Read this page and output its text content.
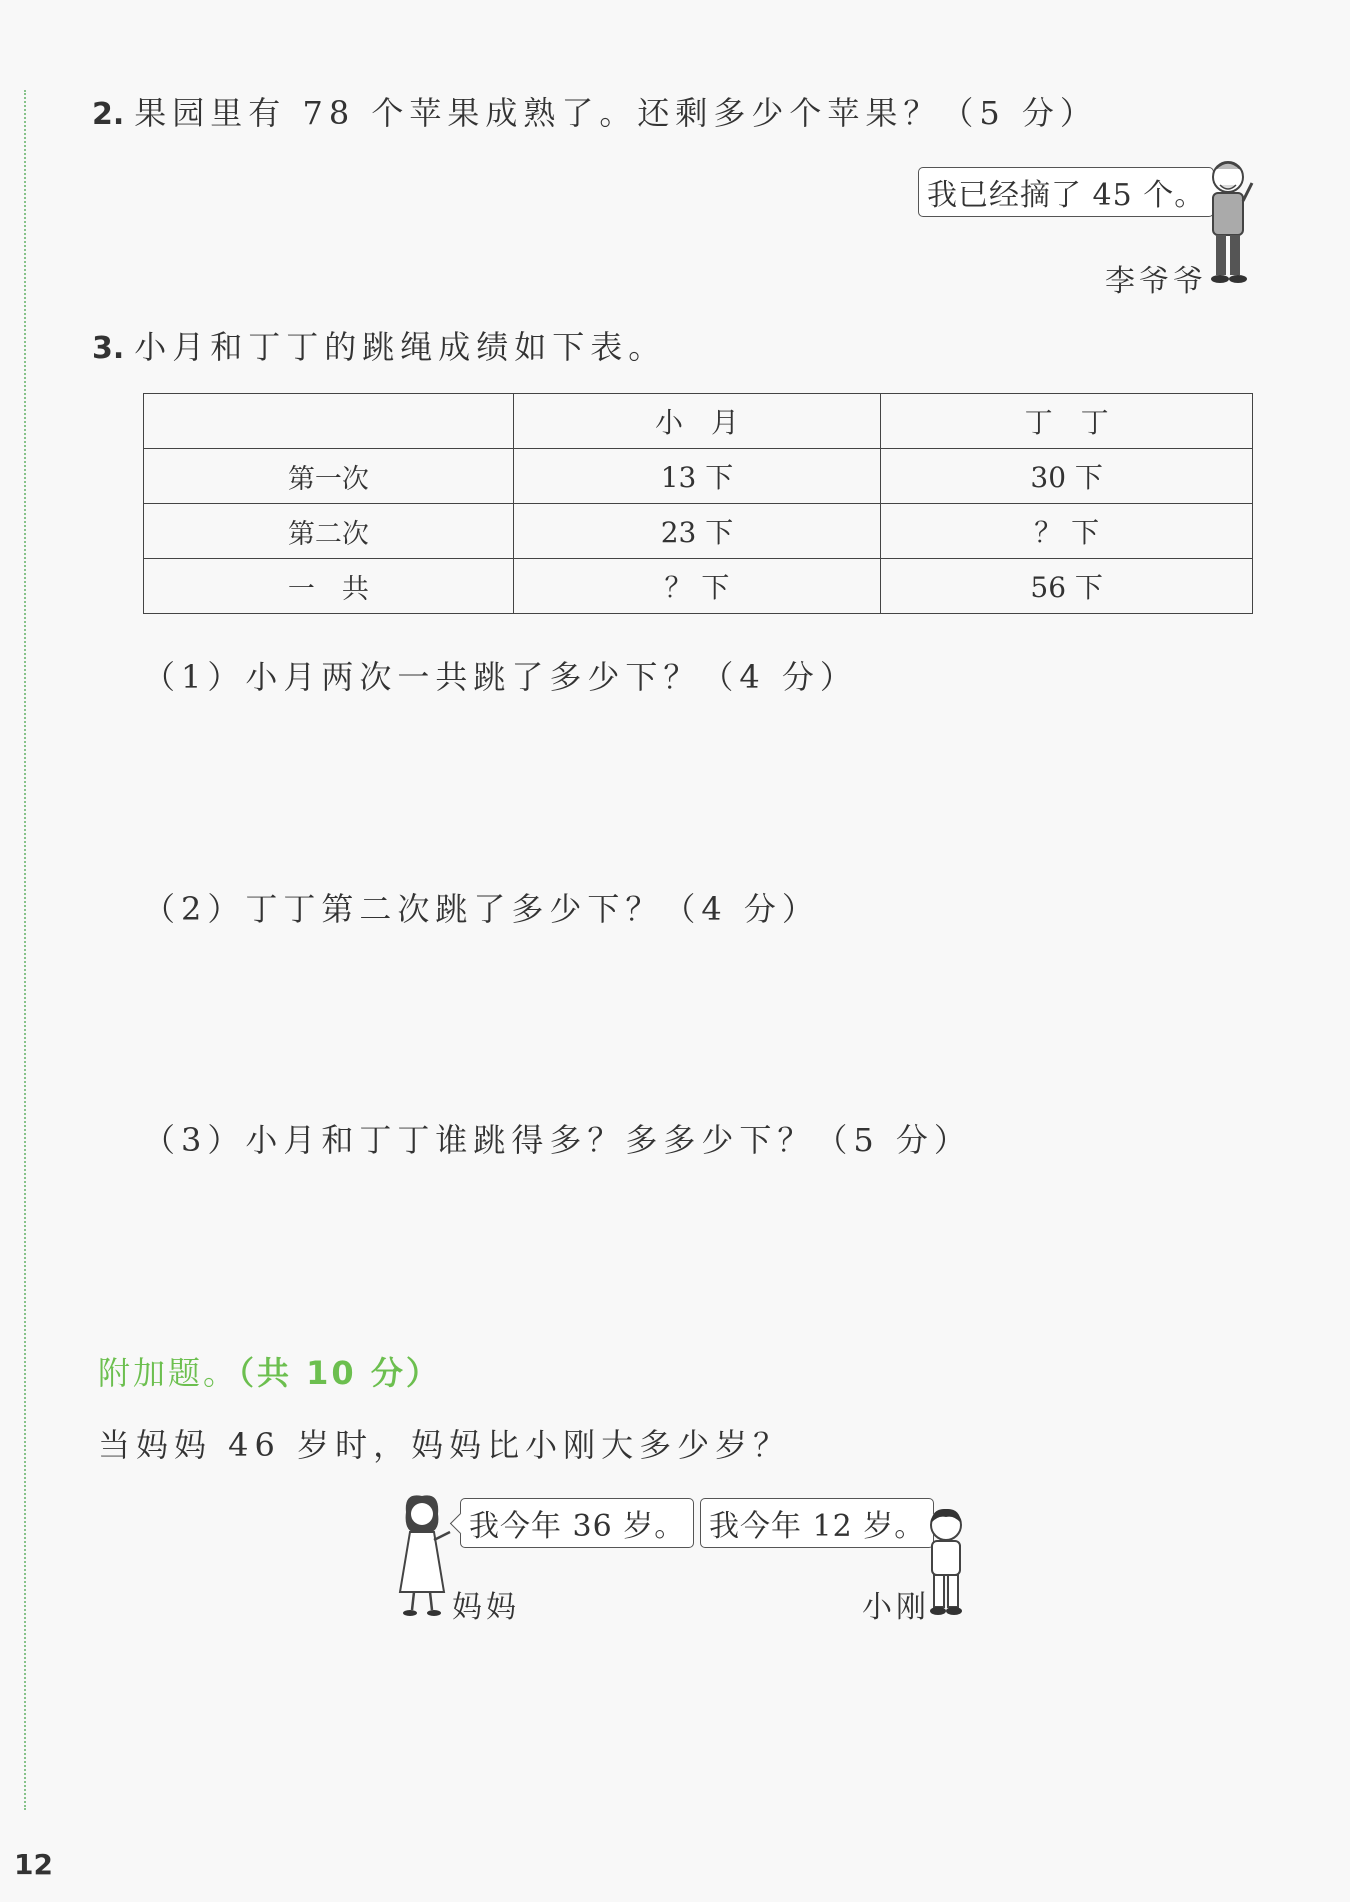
2. 果园里有 78 个苹果成熟了。还剩多少个苹果？（5 分）
我已经摘了 45 个。
李爷爷
3. 小月和丁丁的跳绳成绩如下表。
	小　月	丁　丁
第一次	13 下	30 下
第二次	23 下	？ 下
一　共	？ 下	56 下
（1）小月两次一共跳了多少下？（4 分）
（2）丁丁第二次跳了多少下？（4 分）
（3）小月和丁丁谁跳得多？多多少下？（5 分）
附加题。（共 10 分）
当妈妈 46 岁时，妈妈比小刚大多少岁？
我今年 36 岁。
妈妈
我今年 12 岁。
小刚
12
